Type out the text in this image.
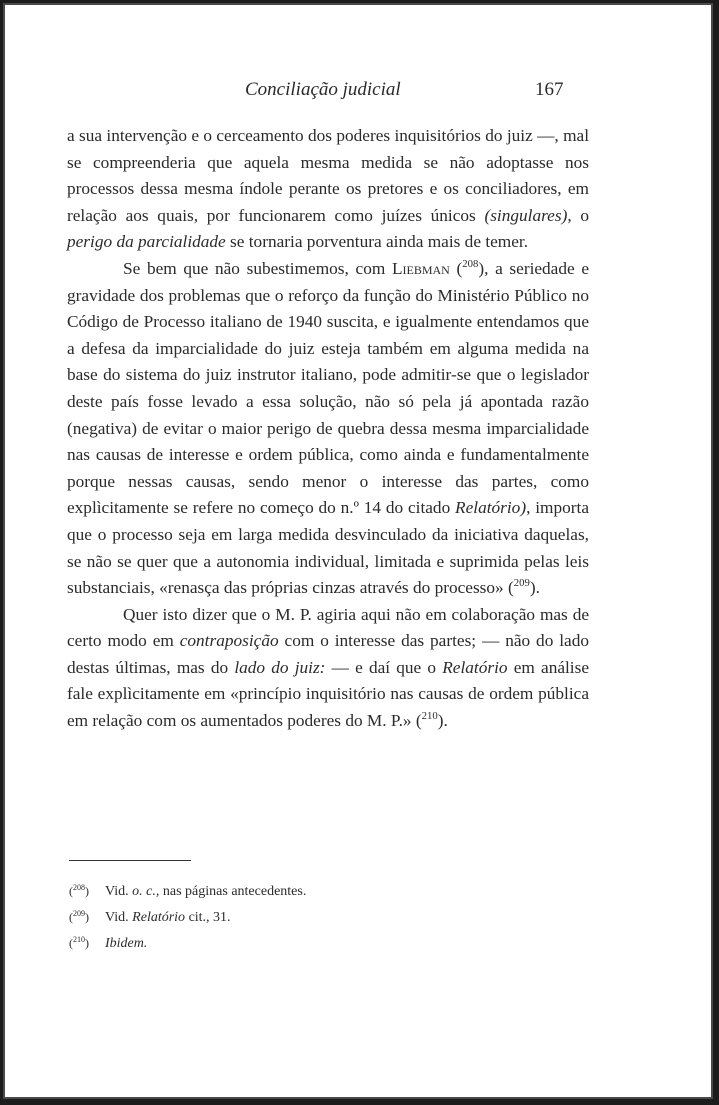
Conciliação judicial	167

a sua intervenção e o cerceamento dos poderes inquisitórios do juiz —, mal se compreenderia que aquela mesma medida se não adoptasse nos processos dessa mesma índole perante os pretores e os conciliadores, em relação aos quais, por funcionarem como juízes únicos (singulares), o perigo da parcialidade se tornaria porventura ainda mais de temer.

Se bem que não subestimemos, com Liebman ($^{208}$), a seriedade e gravidade dos problemas que o reforço da função do Ministério Público no Código de Processo italiano de 1940 suscita, e igualmente entendamos que a defesa da imparcialidade do juiz esteja também em alguma medida na base do sistema do juiz instrutor italiano, pode admitir-se que o legislador deste país fosse levado a essa solução, não só pela já apontada razão (negativa) de evitar o maior perigo de quebra dessa mesma imparcialidade nas causas de interesse e ordem pública, como ainda e fundamentalmente porque nessas causas, sendo menor o interesse das partes, como explìcitamente se refere no começo do n.º 14 do citado Relatório), importa que o processo seja em larga medida desvinculado da iniciativa daquelas, se não se quer que a autonomia individual, limitada e suprimida pelas leis substanciais, «renasça das próprias cinzas através do processo» ($^{209}$).

Quer isto dizer que o M. P. agiria aqui não em colaboração mas de certo modo em contraposição com o interesse das partes; — não do lado destas últimas, mas do lado do juiz: — e daí que o Relatório em análise fale explìcitamente em «princípio inquisitório nas causas de ordem pública em relação com os aumentados poderes do M. P.» ($^{210}$).

($^{208}$) Vid. o. c., nas páginas antecedentes.
($^{209}$) Vid. Relatório cit., 31.
($^{210}$) Ibidem.
